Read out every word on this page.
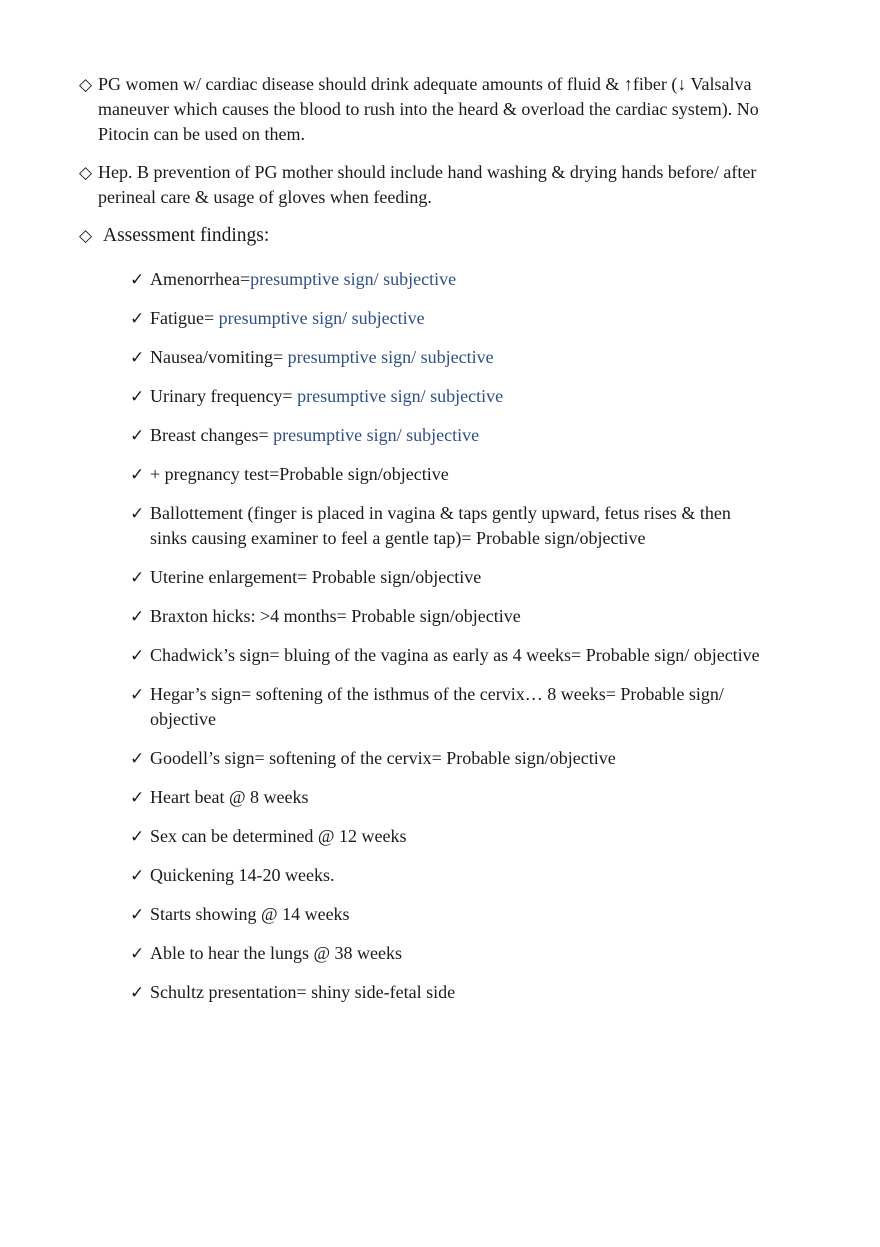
◇ PG women w/ cardiac disease should drink adequate amounts of fluid & ↑fiber (↓ Valsalva maneuver which causes the blood to rush into the heard & overload the cardiac system). No Pitocin can be used on them.
◇ Hep. B prevention of PG mother should include hand washing & drying hands before/ after perineal care & usage of gloves when feeding.
◇ Assessment findings:
✓ Amenorrhea=presumptive sign/ subjective
✓ Fatigue= presumptive sign/ subjective
✓ Nausea/vomiting= presumptive sign/ subjective
✓ Urinary frequency= presumptive sign/ subjective
✓ Breast changes= presumptive sign/ subjective
✓ + pregnancy test=Probable sign/objective
✓ Ballottement (finger is placed in vagina & taps gently upward, fetus rises & then sinks causing examiner to feel a gentle tap)= Probable sign/objective
✓ Uterine enlargement= Probable sign/objective
✓ Braxton hicks: >4 months= Probable sign/objective
✓ Chadwick’s sign= bluing of the vagina as early as 4 weeks= Probable sign/ objective
✓ Hegar’s sign= softening of the isthmus of the cervix… 8 weeks= Probable sign/ objective
✓ Goodell’s sign= softening of the cervix= Probable sign/objective
✓ Heart beat @ 8 weeks
✓ Sex can be determined @ 12 weeks
✓ Quickening 14-20 weeks.
✓ Starts showing @ 14 weeks
✓ Able to hear the lungs @ 38 weeks
✓ Schultz presentation= shiny side-fetal side
